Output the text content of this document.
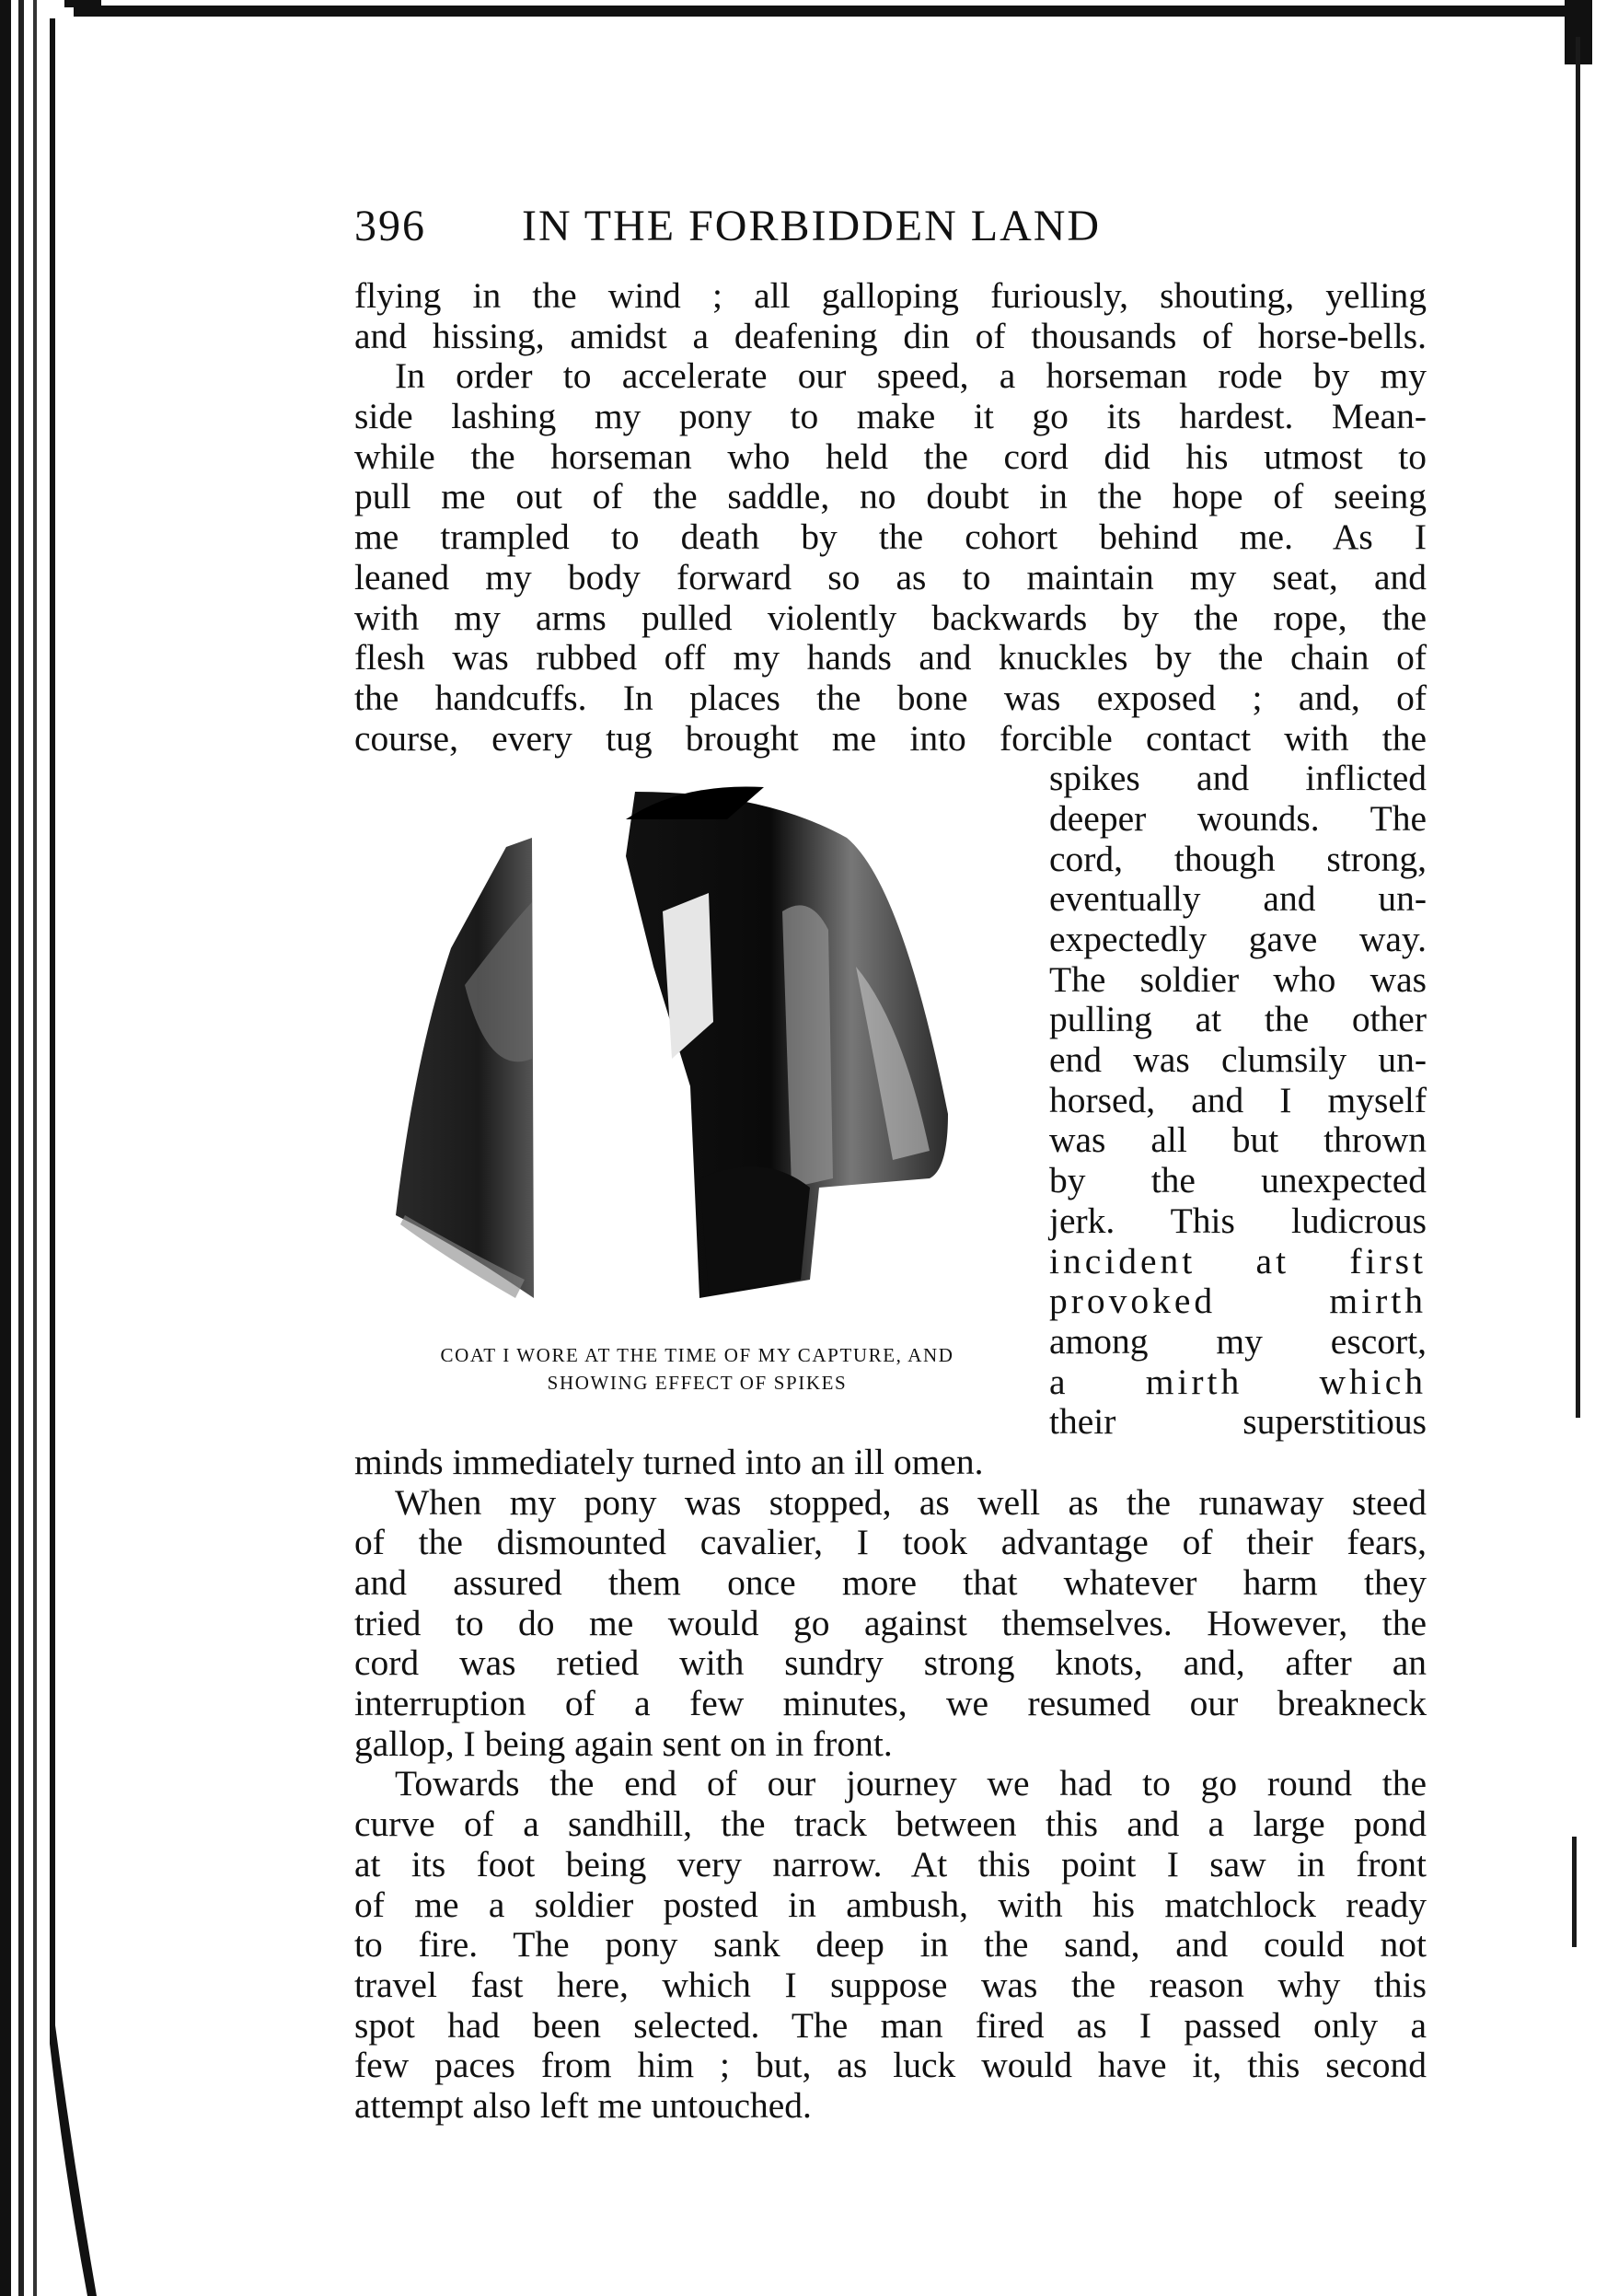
396 IN THE FORBIDDEN LAND
flying in the wind ; all galloping furiously, shouting, yelling
and hissing, amidst a deafening din of thousands of horse-bells.
In order to accelerate our speed, a horseman rode by my
side lashing my pony to make it go its hardest. Mean-
while the horseman who held the cord did his utmost to
pull me out of the saddle, no doubt in the hope of seeing
me trampled to death by the cohort behind me. As I
leaned my body forward so as to maintain my seat, and
with my arms pulled violently backwards by the rope, the
flesh was rubbed off my hands and knuckles by the chain of
the handcuffs. In places the bone was exposed ; and, of
course, every tug brought me into forcible contact with the
spikes and inflicted
deeper wounds. The
cord, though strong,
eventually and un-
expectedly gave way.
The soldier who was
pulling at the other
end was clumsily un-
horsed, and I myself
was all but thrown
by the unexpected
jerk. This ludicrous
incident at first
provoked mirth
among my escort,
a mirth which
their superstitious
minds immediately turned into an ill omen.
When my pony was stopped, as well as the runaway steed
of the dismounted cavalier, I took advantage of their fears,
and assured them once more that whatever harm they
tried to do me would go against themselves. However, the
cord was retied with sundry strong knots, and, after an
interruption of a few minutes, we resumed our breakneck
gallop, I being again sent on in front.
Towards the end of our journey we had to go round the
curve of a sandhill, the track between this and a large pond
at its foot being very narrow. At this point I saw in front
of me a soldier posted in ambush, with his matchlock ready
to fire. The pony sank deep in the sand, and could not
travel fast here, which I suppose was the reason why this
spot had been selected. The man fired as I passed only a
few paces from him ; but, as luck would have it, this second
attempt also left me untouched.
COAT I WORE AT THE TIME OF MY CAPTURE, AND
SHOWING EFFECT OF SPIKES
